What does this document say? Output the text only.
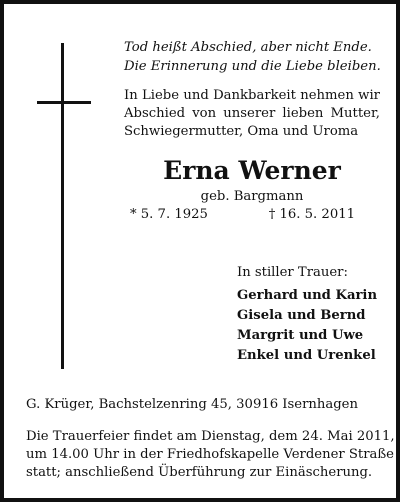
Tod heißt Abschied, aber nicht Ende.
Die Erinnerung und die Liebe bleiben.
In Liebe und Dankbarkeit nehmen wir
Abschied von unserer lieben Mutter,
Schwiegermutter, Oma und Uroma
Erna Werner
geb. Bargmann
* 5. 7. 1925	† 16. 5. 2011
In stiller Trauer:
Gerhard und Karin
Gisela und Bernd
Margrit und Uwe
Enkel und Urenkel
G. Krüger, Bachstelzenring 45, 30916 Isernhagen
Die Trauerfeier findet am Dienstag, dem 24. Mai 2011,
um 14.00 Uhr in der Friedhofskapelle Verdener Straße
statt; anschließend Überführung zur Einäscherung.
